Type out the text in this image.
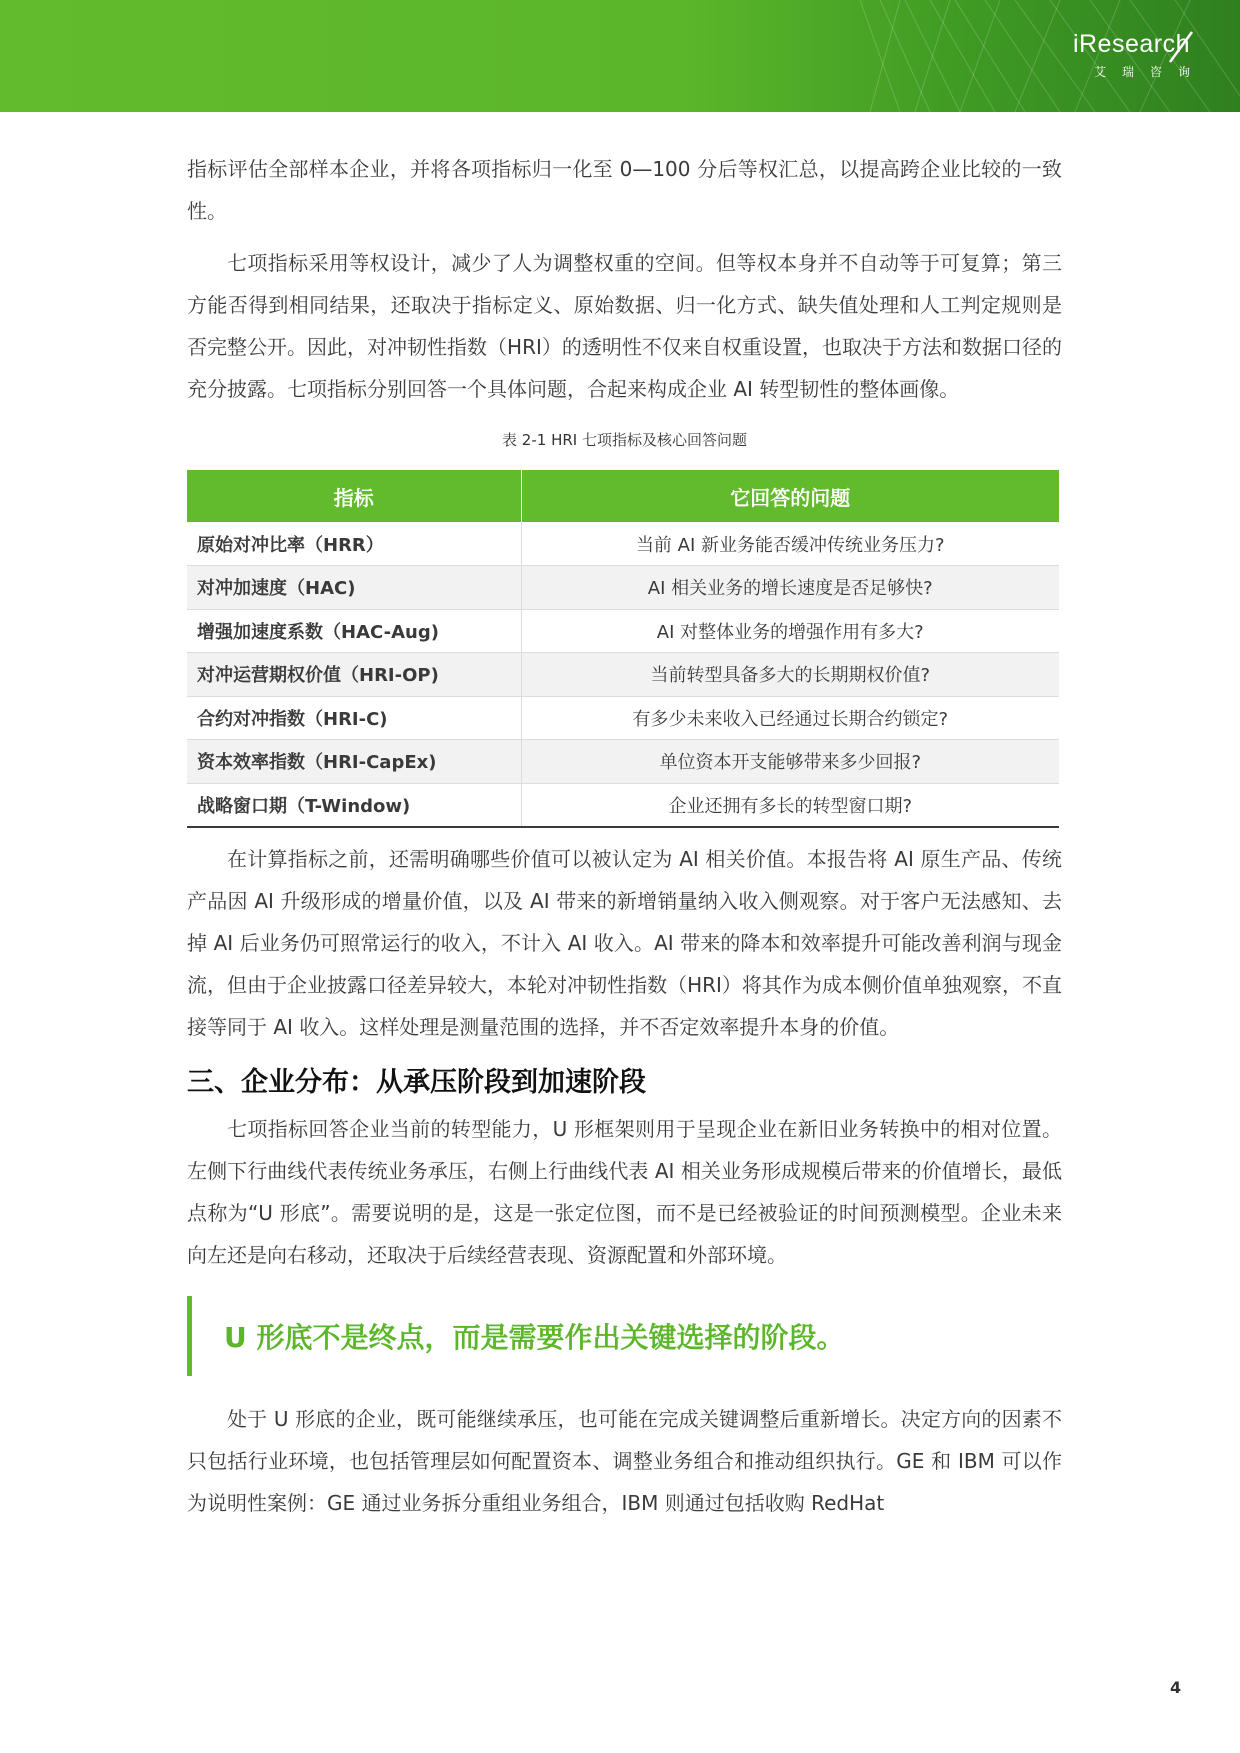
iResearch
艾瑞咨询

指标评估全部样本企业，并将各项指标归一化至 0—100 分后等权汇总，以提高跨企业比较的一致性。

七项指标采用等权设计，减少了人为调整权重的空间。但等权本身并不自动等于可复算；第三方能否得到相同结果，还取决于指标定义、原始数据、归一化方式、缺失值处理和人工判定规则是否完整公开。因此，对冲韧性指数（HRI）的透明性不仅来自权重设置，也取决于方法和数据口径的充分披露。七项指标分别回答一个具体问题，合起来构成企业 AI 转型韧性的整体画像。

表 2-1 HRI 七项指标及核心回答问题
指标	它回答的问题
原始对冲比率（HRR）	当前 AI 新业务能否缓冲传统业务压力?
对冲加速度（HAC)	AI 相关业务的增长速度是否足够快?
增强加速度系数（HAC-Aug)	AI 对整体业务的增强作用有多大?
对冲运营期权价值（HRI-OP)	当前转型具备多大的长期期权价值?
合约对冲指数（HRI-C)	有多少未来收入已经通过长期合约锁定?
资本效率指数（HRI-CapEx)	单位资本开支能够带来多少回报?
战略窗口期（T-Window)	企业还拥有多长的转型窗口期?

在计算指标之前，还需明确哪些价值可以被认定为 AI 相关价值。本报告将 AI 原生产品、传统产品因 AI 升级形成的增量价值，以及 AI 带来的新增销量纳入收入侧观察。对于客户无法感知、去掉 AI 后业务仍可照常运行的收入，不计入 AI 收入。AI 带来的降本和效率提升可能改善利润与现金流，但由于企业披露口径差异较大，本轮对冲韧性指数（HRI）将其作为成本侧价值单独观察，不直接等同于 AI 收入。这样处理是测量范围的选择，并不否定效率提升本身的价值。

三、企业分布：从承压阶段到加速阶段

七项指标回答企业当前的转型能力，U 形框架则用于呈现企业在新旧业务转换中的相对位置。左侧下行曲线代表传统业务承压，右侧上行曲线代表 AI 相关业务形成规模后带来的价值增长，最低点称为“U 形底”。需要说明的是，这是一张定位图，而不是已经被验证的时间预测模型。企业未来向左还是向右移动，还取决于后续经营表现、资源配置和外部环境。

U 形底不是终点，而是需要作出关键选择的阶段。

处于 U 形底的企业，既可能继续承压，也可能在完成关键调整后重新增长。决定方向的因素不只包括行业环境，也包括管理层如何配置资本、调整业务组合和推动组织执行。GE 和 IBM 可以作为说明性案例：GE 通过业务拆分重组业务组合，IBM 则通过包括收购 RedHat

4
